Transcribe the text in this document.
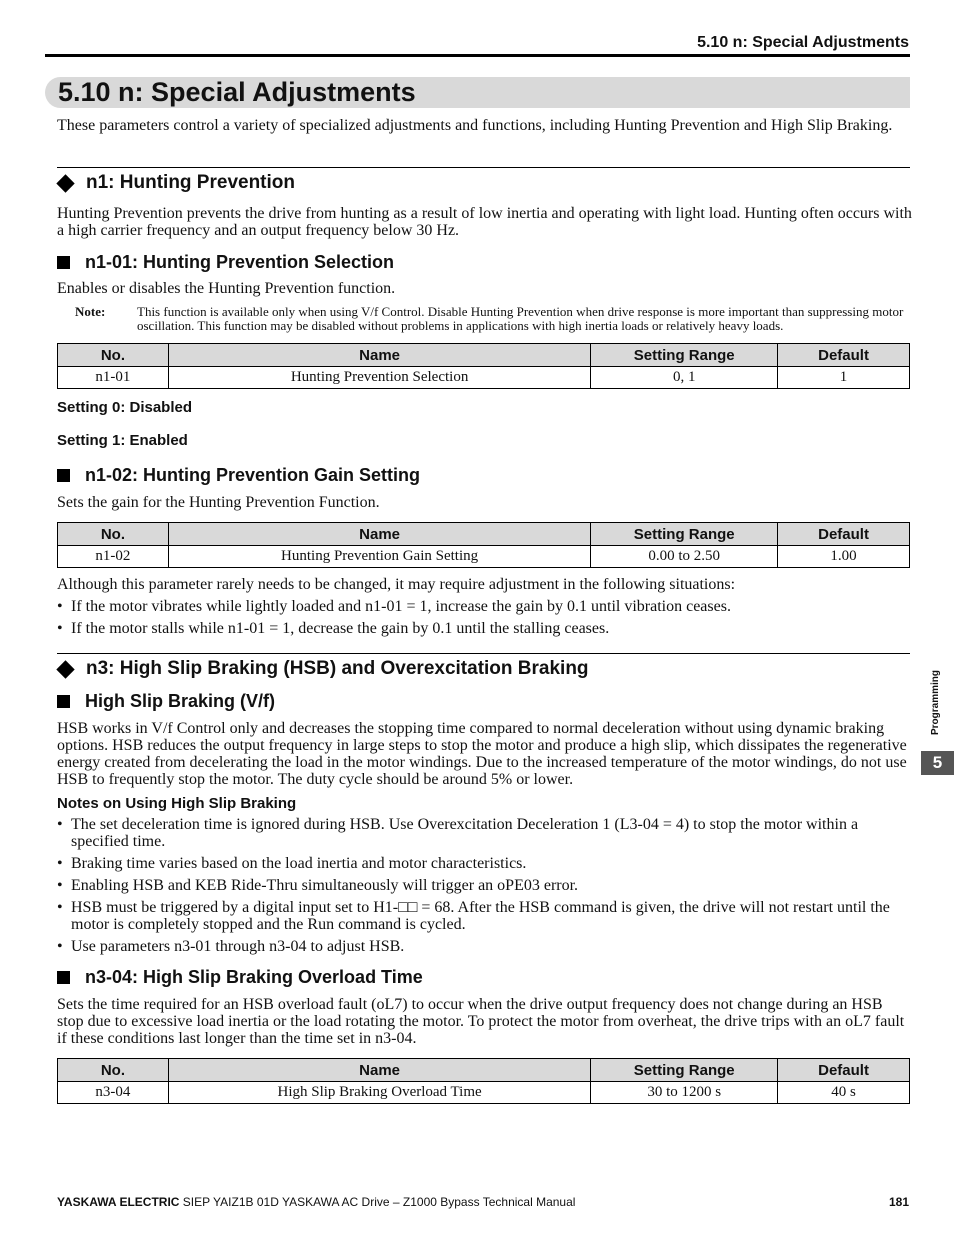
5.10 n: Special Adjustments
5.10 n: Special Adjustments
These parameters control a variety of specialized adjustments and functions, including Hunting Prevention and High Slip Braking.
n1: Hunting Prevention
Hunting Prevention prevents the drive from hunting as a result of low inertia and operating with light load. Hunting often occurs with a high carrier frequency and an output frequency below 30 Hz.
n1-01: Hunting Prevention Selection
Enables or disables the Hunting Prevention function.
Note:	This function is available only when using V/f Control. Disable Hunting Prevention when drive response is more important than suppressing motor oscillation. This function may be disabled without problems in applications with high inertia loads or relatively heavy loads.
No.	Name	Setting Range	Default
n1-01	Hunting Prevention Selection	0, 1	1
Setting 0: Disabled
Setting 1: Enabled
n1-02: Hunting Prevention Gain Setting
Sets the gain for the Hunting Prevention Function.
No.	Name	Setting Range	Default
n1-02	Hunting Prevention Gain Setting	0.00 to 2.50	1.00
Although this parameter rarely needs to be changed, it may require adjustment in the following situations:
• If the motor vibrates while lightly loaded and n1-01 = 1, increase the gain by 0.1 until vibration ceases.
• If the motor stalls while n1-01 = 1, decrease the gain by 0.1 until the stalling ceases.
n3: High Slip Braking (HSB) and Overexcitation Braking
High Slip Braking (V/f)
HSB works in V/f Control only and decreases the stopping time compared to normal deceleration without using dynamic braking options. HSB reduces the output frequency in large steps to stop the motor and produce a high slip, which dissipates the regenerative energy created from decelerating the load in the motor windings. Due to the increased temperature of the motor windings, do not use HSB to frequently stop the motor. The duty cycle should be around 5% or lower.
Notes on Using High Slip Braking
• The set deceleration time is ignored during HSB. Use Overexcitation Deceleration 1 (L3-04 = 4) to stop the motor within a specified time.
• Braking time varies based on the load inertia and motor characteristics.
• Enabling HSB and KEB Ride-Thru simultaneously will trigger an oPE03 error.
• HSB must be triggered by a digital input set to H1-□□ = 68. After the HSB command is given, the drive will not restart until the motor is completely stopped and the Run command is cycled.
• Use parameters n3-01 through n3-04 to adjust HSB.
n3-04: High Slip Braking Overload Time
Sets the time required for an HSB overload fault (oL7) to occur when the drive output frequency does not change during an HSB stop due to excessive load inertia or the load rotating the motor. To protect the motor from overheat, the drive trips with an oL7 fault if these conditions last longer than the time set in n3-04.
No.	Name	Setting Range	Default
n3-04	High Slip Braking Overload Time	30 to 1200 s	40 s
Programming
5
YASKAWA ELECTRIC SIEP YAIZ1B 01D YASKAWA AC Drive – Z1000 Bypass Technical Manual	181
